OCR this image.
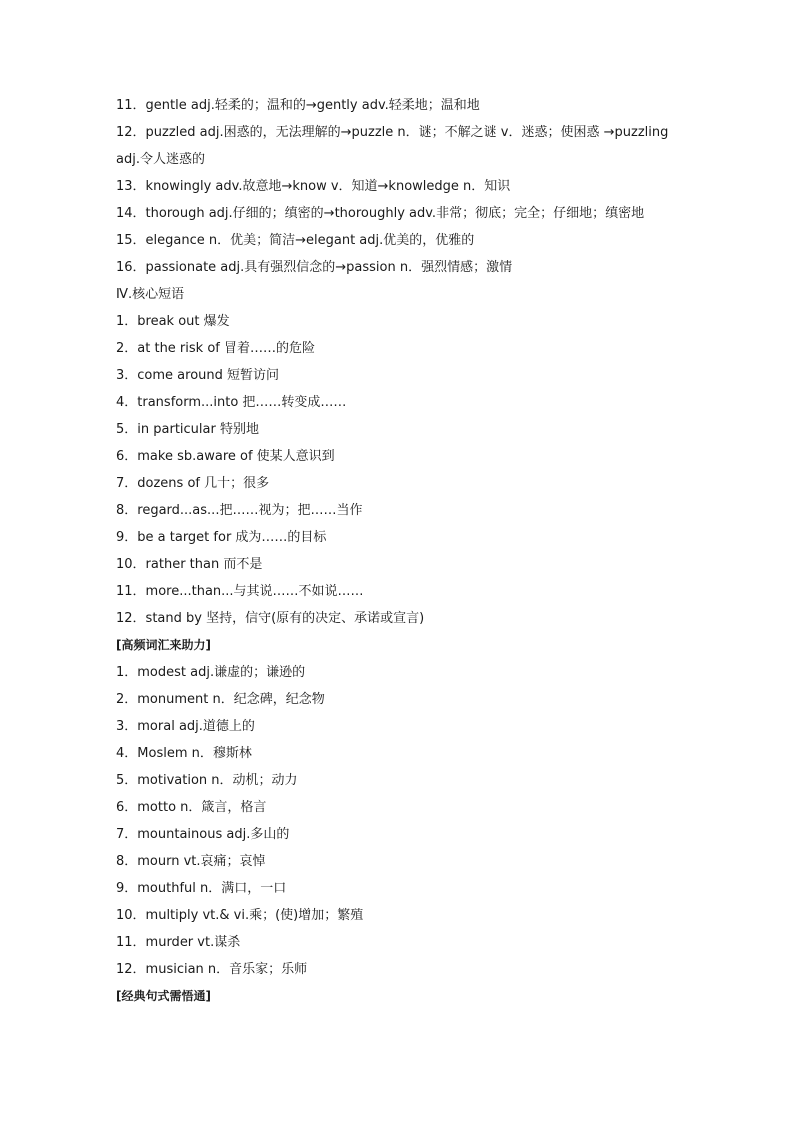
11．gentle adj.轻柔的；温和的→gently adv.轻柔地；温和地
12．puzzled adj.困惑的，无法理解的→puzzle n．谜；不解之谜 v．迷惑；使困惑 →puzzling adj.令人迷惑的
13．knowingly adv.故意地→know v．知道→knowledge n．知识
14．thorough adj.仔细的；缜密的→thoroughly adv.非常；彻底；完全；仔细地；缜密地
15．elegance n．优美；简洁→elegant adj.优美的，优雅的
16．passionate adj.具有强烈信念的→passion n．强烈情感；激情
Ⅳ.核心短语
1．break out 爆发
2．at the risk of 冒着……的危险
3．come around 短暂访问
4．transform...into 把……转变成……
5．in particular 特别地
6．make sb.aware of 使某人意识到
7．dozens of 几十；很多
8．regard...as...把……视为；把……当作
9．be a target for 成为……的目标
10．rather than 而不是
11．more...than...与其说……不如说……
12．stand by 坚持，信守(原有的决定、承诺或宣言)
[高频词汇来助力]
1．modest adj.谦虚的；谦逊的
2．monument n．纪念碑，纪念物
3．moral adj.道德上的
4．Moslem n．穆斯林
5．motivation n．动机；动力
6．motto n．箴言，格言
7．mountainous adj.多山的
8．mourn vt.哀痛；哀悼
9．mouthful n．满口，一口
10．multiply vt.& vi.乘；(使)增加；繁殖
11．murder vt.谋杀
12．musician n．音乐家；乐师
[经典句式需悟通]
